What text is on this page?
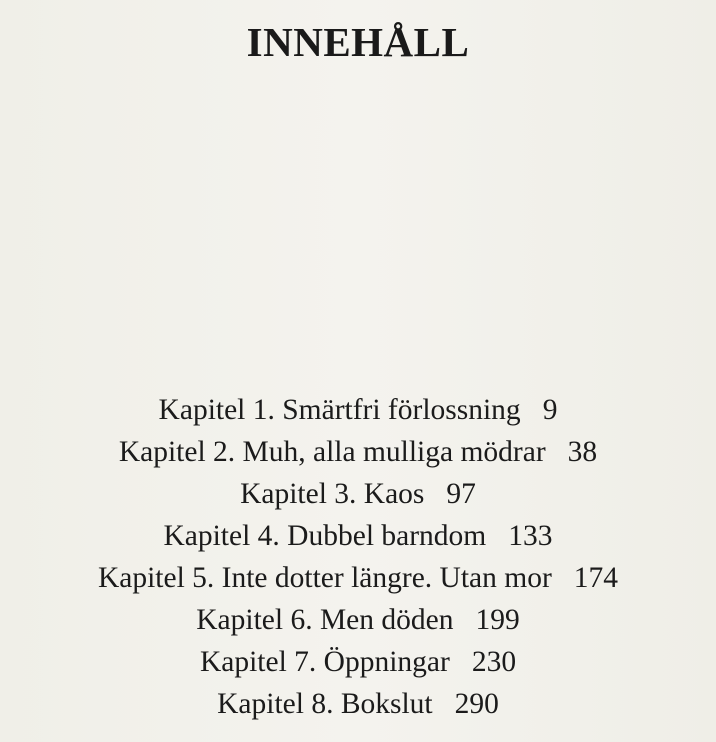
INNEHÅLL
Kapitel 1. Smärtfri förlossning 9
Kapitel 2. Muh, alla mulliga mödrar 38
Kapitel 3. Kaos 97
Kapitel 4. Dubbel barndom 133
Kapitel 5. Inte dotter längre. Utan mor 174
Kapitel 6. Men döden 199
Kapitel 7. Öppningar 230
Kapitel 8. Bokslut 290
